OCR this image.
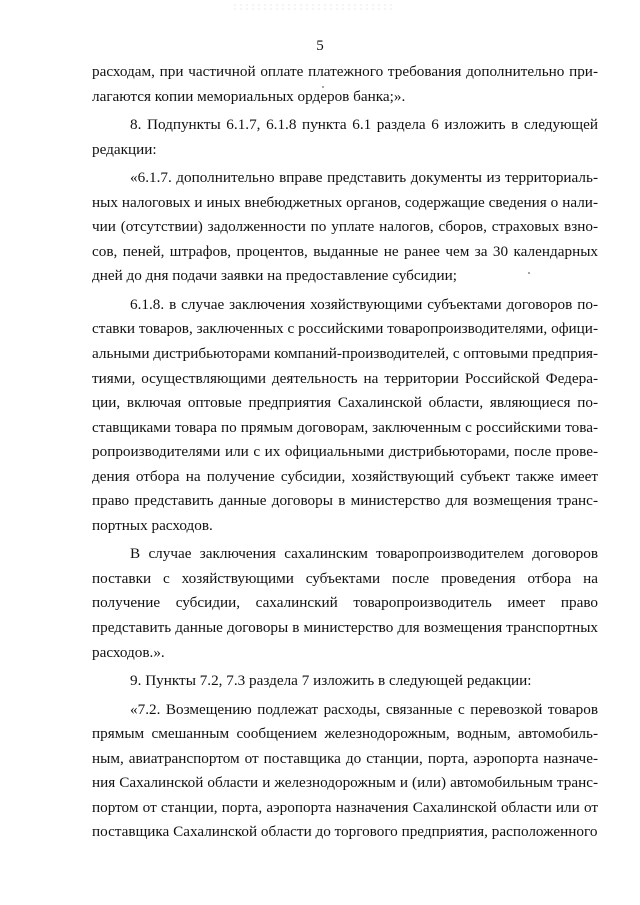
5

расходам, при частичной оплате платежного требования дополнительно прилагаются копии мемориальных ордеров банка;».

8. Подпункты 6.1.7, 6.1.8 пункта 6.1 раздела 6 изложить в следующей редакции:

«6.1.7. дополнительно вправе представить документы из территориальных налоговых и иных внебюджетных органов, содержащие сведения о наличии (отсутствии) задолженности по уплате налогов, сборов, страховых взносов, пеней, штрафов, процентов, выданные не ранее чем за 30 календарных дней до дня подачи заявки на предоставление субсидии;

6.1.8. в случае заключения хозяйствующими субъектами договоров поставки товаров, заключенных с российскими товаропроизводителями, официальными дистрибьюторами компаний-производителей, с оптовыми предприятиями, осуществляющими деятельность на территории Российской Федерации, включая оптовые предприятия Сахалинской области, являющиеся поставщиками товара по прямым договорам, заключенным с российскими товаропроизводителями или с их официальными дистрибьюторами, после проведения отбора на получение субсидии, хозяйствующий субъект также имеет право представить данные договоры в министерство для возмещения транспортных расходов.

В случае заключения сахалинским товаропроизводителем договоров поставки с хозяйствующими субъектами после проведения отбора на получение субсидии, сахалинский товаропроизводитель имеет право представить данные договоры в министерство для возмещения транспортных расходов.».

9. Пункты 7.2, 7.3 раздела 7 изложить в следующей редакции:

«7.2. Возмещению подлежат расходы, связанные с перевозкой товаров прямым смешанным сообщением железнодорожным, водным, автомобильным, авиатранспортом от поставщика до станции, порта, аэропорта назначения Сахалинской области и железнодорожным и (или) автомобильным транспортом от станции, порта, аэропорта назначения Сахалинской области или от поставщика Сахалинской области до торгового предприятия, расположенного
